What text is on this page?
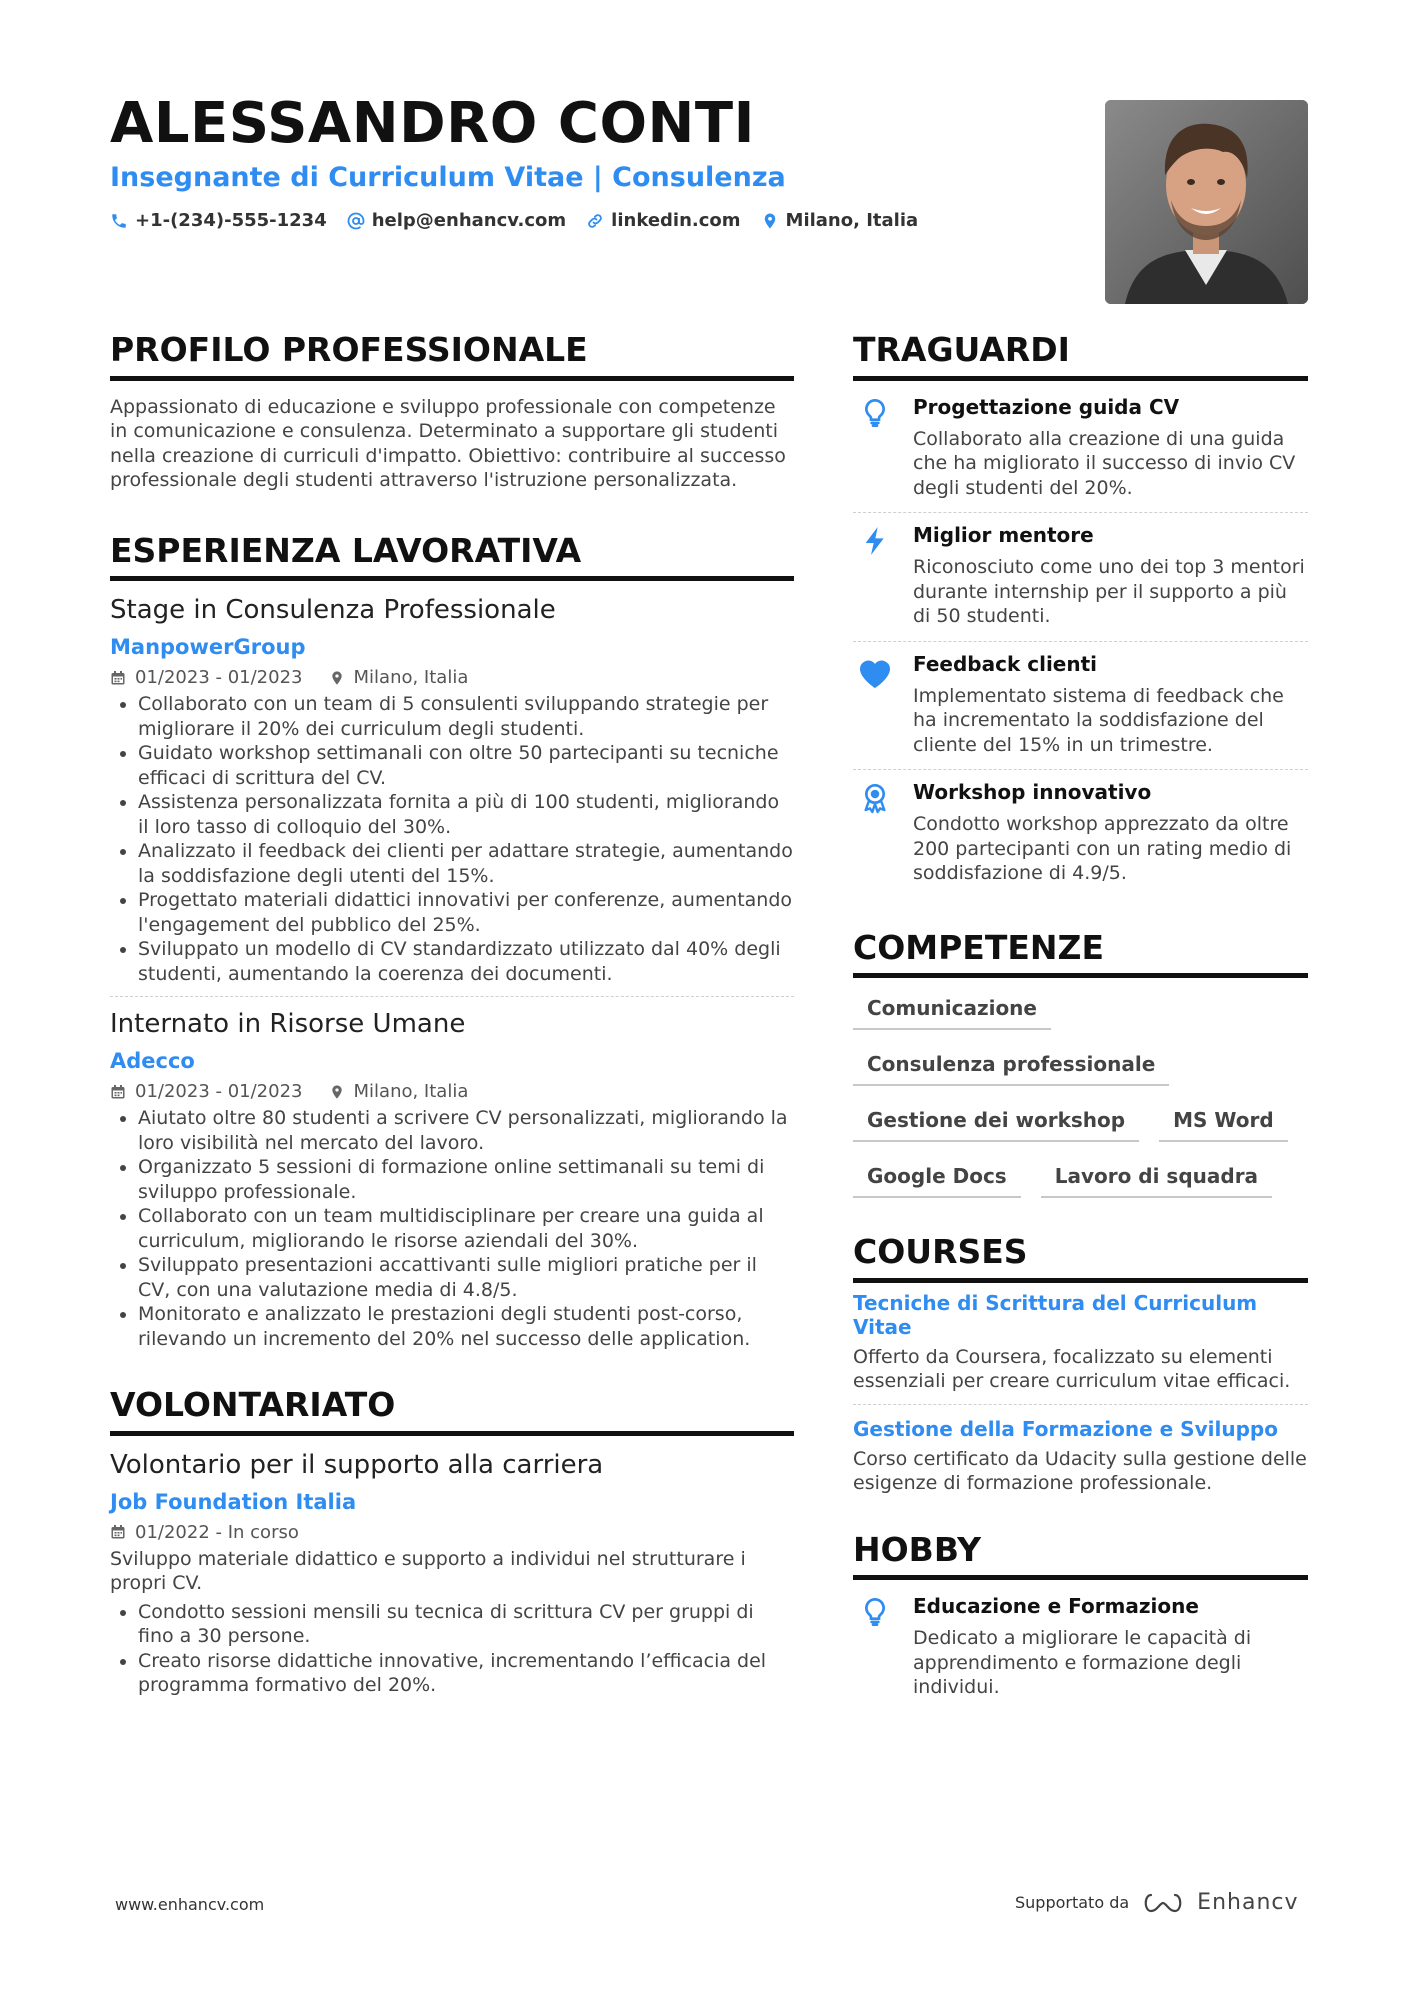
ALESSANDRO CONTI
Insegnante di Curriculum Vitae | Consulenza
+1-(234)-555-1234	help@enhancv.com	linkedin.com	Milano, Italia
PROFILO PROFESSIONALE
Appassionato di educazione e sviluppo professionale con competenze in comunicazione e consulenza. Determinato a supportare gli studenti nella creazione di curriculi d'impatto. Obiettivo: contribuire al successo professionale degli studenti attraverso l'istruzione personalizzata.
ESPERIENZA LAVORATIVA
Stage in Consulenza Professionale
ManpowerGroup
01/2023 - 01/2023	Milano, Italia
• Collaborato con un team di 5 consulenti sviluppando strategie per migliorare il 20% dei curriculum degli studenti.
• Guidato workshop settimanali con oltre 50 partecipanti su tecniche efficaci di scrittura del CV.
• Assistenza personalizzata fornita a più di 100 studenti, migliorando il loro tasso di colloquio del 30%.
• Analizzato il feedback dei clienti per adattare strategie, aumentando la soddisfazione degli utenti del 15%.
• Progettato materiali didattici innovativi per conferenze, aumentando l'engagement del pubblico del 25%.
• Sviluppato un modello di CV standardizzato utilizzato dal 40% degli studenti, aumentando la coerenza dei documenti.
Internato in Risorse Umane
Adecco
01/2023 - 01/2023	Milano, Italia
• Aiutato oltre 80 studenti a scrivere CV personalizzati, migliorando la loro visibilità nel mercato del lavoro.
• Organizzato 5 sessioni di formazione online settimanali su temi di sviluppo professionale.
• Collaborato con un team multidisciplinare per creare una guida al curriculum, migliorando le risorse aziendali del 30%.
• Sviluppato presentazioni accattivanti sulle migliori pratiche per il CV, con una valutazione media di 4.8/5.
• Monitorato e analizzato le prestazioni degli studenti post-corso, rilevando un incremento del 20% nel successo delle application.
VOLONTARIATO
Volontario per il supporto alla carriera
Job Foundation Italia
01/2022 - In corso
Sviluppo materiale didattico e supporto a individui nel strutturare i propri CV.
• Condotto sessioni mensili su tecnica di scrittura CV per gruppi di fino a 30 persone.
• Creato risorse didattiche innovative, incrementando l’efficacia del programma formativo del 20%.
TRAGUARDI
Progettazione guida CV
Collaborato alla creazione di una guida che ha migliorato il successo di invio CV degli studenti del 20%.
Miglior mentore
Riconosciuto come uno dei top 3 mentori durante internship per il supporto a più di 50 studenti.
Feedback clienti
Implementato sistema di feedback che ha incrementato la soddisfazione del cliente del 15% in un trimestre.
Workshop innovativo
Condotto workshop apprezzato da oltre 200 partecipanti con un rating medio di soddisfazione di 4.9/5.
COMPETENZE
Comunicazione
Consulenza professionale
Gestione dei workshop	MS Word
Google Docs	Lavoro di squadra
COURSES
Tecniche di Scrittura del Curriculum Vitae
Offerto da Coursera, focalizzato su elementi essenziali per creare curriculum vitae efficaci.
Gestione della Formazione e Sviluppo
Corso certificato da Udacity sulla gestione delle esigenze di formazione professionale.
HOBBY
Educazione e Formazione
Dedicato a migliorare le capacità di apprendimento e formazione degli individui.
www.enhancv.com	Supportato da	Enhancv
